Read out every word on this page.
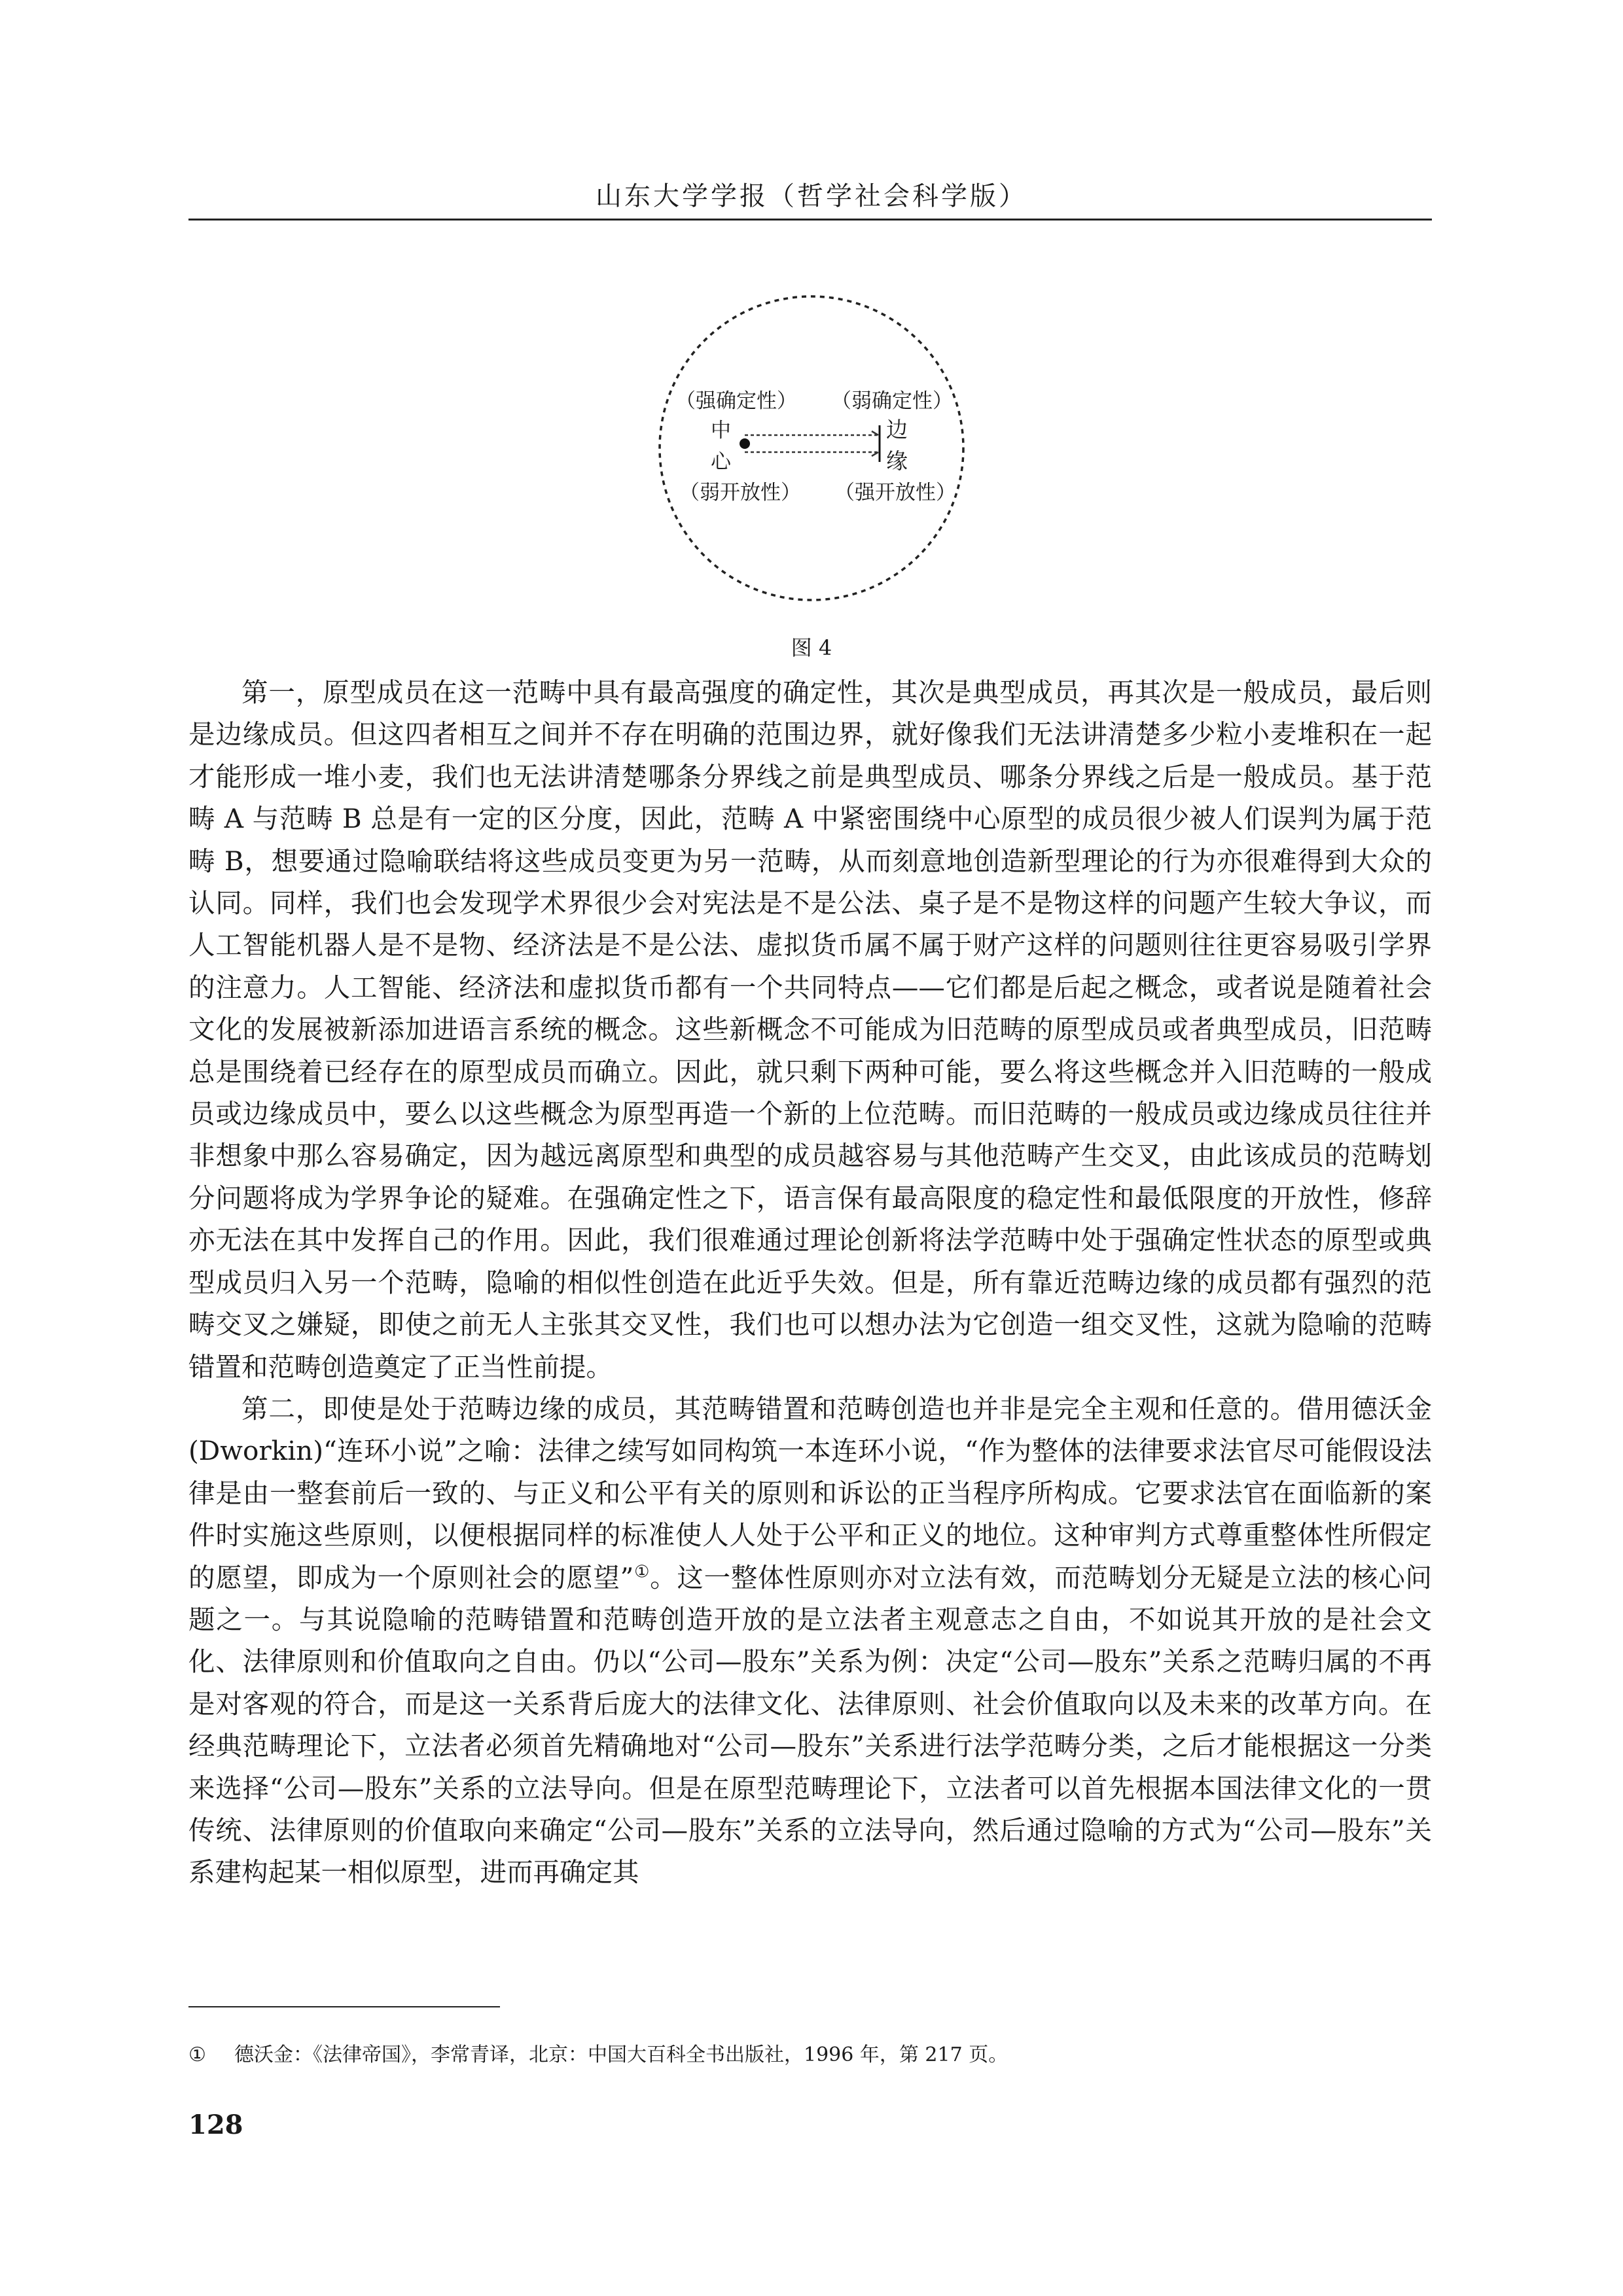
山东大学学报（哲学社会科学版）
（强确定性） （弱确定性）
中
心
边
缘
（弱开放性） （强开放性）
图 4

第一，原型成员在这一范畴中具有最高强度的确定性，其次是典型成员，再其次是一般成员，最后则是边缘成员。但这四者相互之间并不存在明确的范围边界，就好像我们无法讲清楚多少粒小麦堆积在一起才能形成一堆小麦，我们也无法讲清楚哪条分界线之前是典型成员、哪条分界线之后是一般成员。基于范畴 A 与范畴 B 总是有一定的区分度，因此，范畴 A 中紧密围绕中心原型的成员很少被人们误判为属于范畴 B，想要通过隐喻联结将这些成员变更为另一范畴，从而刻意地创造新型理论的行为亦很难得到大众的认同。同样，我们也会发现学术界很少会对宪法是不是公法、桌子是不是物这样的问题产生较大争议，而人工智能机器人是不是物、经济法是不是公法、虚拟货币属不属于财产这样的问题则往往更容易吸引学界的注意力。人工智能、经济法和虚拟货币都有一个共同特点——它们都是后起之概念，或者说是随着社会文化的发展被新添加进语言系统的概念。这些新概念不可能成为旧范畴的原型成员或者典型成员，旧范畴总是围绕着已经存在的原型成员而确立。因此，就只剩下两种可能，要么将这些概念并入旧范畴的一般成员或边缘成员中，要么以这些概念为原型再造一个新的上位范畴。而旧范畴的一般成员或边缘成员往往并非想象中那么容易确定，因为越远离原型和典型的成员越容易与其他范畴产生交叉，由此该成员的范畴划分问题将成为学界争论的疑难。在强确定性之下，语言保有最高限度的稳定性和最低限度的开放性，修辞亦无法在其中发挥自己的作用。因此，我们很难通过理论创新将法学范畴中处于强确定性状态的原型或典型成员归入另一个范畴，隐喻的相似性创造在此近乎失效。但是，所有靠近范畴边缘的成员都有强烈的范畴交叉之嫌疑，即使之前无人主张其交叉性，我们也可以想办法为它创造一组交叉性，这就为隐喻的范畴错置和范畴创造奠定了正当性前提。

第二，即使是处于范畴边缘的成员，其范畴错置和范畴创造也并非是完全主观和任意的。借用德沃金(Dworkin)“连环小说”之喻：法律之续写如同构筑一本连环小说，“作为整体的法律要求法官尽可能假设法律是由一整套前后一致的、与正义和公平有关的原则和诉讼的正当程序所构成。它要求法官在面临新的案件时实施这些原则，以便根据同样的标准使人人处于公平和正义的地位。这种审判方式尊重整体性所假定的愿望，即成为一个原则社会的愿望”①。这一整体性原则亦对立法有效，而范畴划分无疑是立法的核心问题之一。与其说隐喻的范畴错置和范畴创造开放的是立法者主观意志之自由，不如说其开放的是社会文化、法律原则和价值取向之自由。仍以“公司—股东”关系为例：决定“公司—股东”关系之范畴归属的不再是对客观的符合，而是这一关系背后庞大的法律文化、法律原则、社会价值取向以及未来的改革方向。在经典范畴理论下，立法者必须首先精确地对“公司—股东”关系进行法学范畴分类，之后才能根据这一分类来选择“公司—股东”关系的立法导向。但是在原型范畴理论下，立法者可以首先根据本国法律文化的一贯传统、法律原则的价值取向来确定“公司—股东”关系的立法导向，然后通过隐喻的方式为“公司—股东”关系建构起某一相似原型，进而再确定其

① 德沃金：《法律帝国》，李常青译，北京：中国大百科全书出版社，1996 年，第 217 页。
128
